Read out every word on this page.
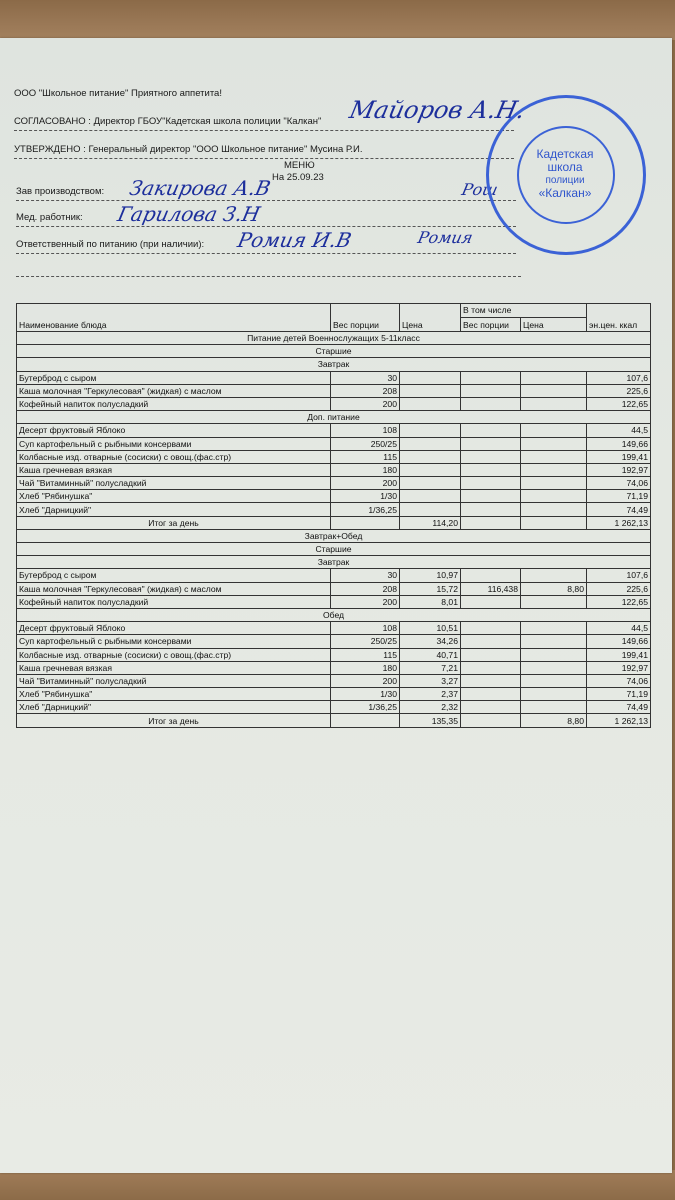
ООО "Школьное питание" Приятного аппетита!
СОГЛАСОВАНО : Директор ГБОУ"Кадетская школа полиции "Калкан"
УТВЕРЖДЕНО : Генеральный директор "ООО Школьное питание" Мусина Р.И.
МЕНЮ
На 25.09.23
Зав производством:
Мед. работник:
Ответственный по питанию (при наличии):
Майоров А.Н.
Закирова А.В
Гарилова З.Н
Ромия И.В
Рош
Ромия
Кадетская школа
полиции
«Калкан»
Наименование блюда	Вес порции	Цена	В том числе		эн.цен. ккал
			Вес порции	Цена	
Питание детей Военнослужащих 5-11класс					
Старшие					
Завтрак					
Бутерброд с сыром	30				107,6
Каша молочная "Геркулесовая" (жидкая) с маслом	208				225,6
Кофейный напиток полусладкий	200				122,65
Доп. питание					
Десерт фруктовый Яблоко	108				44,5
Суп картофельный с рыбными консервами	250/25				149,66
Колбасные изд. отварные (сосиски) с овощ.(фас.стр)	115				199,41
Каша гречневая вязкая	180				192,97
Чай "Витаминный" полусладкий	200				74,06
Хлеб "Рябинушка"	1/30				71,19
Хлеб "Дарницкий"	1/36,25				74,49
Итог за день		114,20			1 262,13
Завтрак+Обед					
Старшие					
Завтрак					
Бутерброд с сыром	30	10,97			107,6
Каша молочная "Геркулесовая" (жидкая) с маслом	208	15,72	116,438	8,80	225,6
Кофейный напиток полусладкий	200	8,01			122,65
Обед					
Десерт фруктовый Яблоко	108	10,51			44,5
Суп картофельный с рыбными консервами	250/25	34,26			149,66
Колбасные изд. отварные (сосиски) с овощ.(фас.стр)	115	40,71			199,41
Каша гречневая вязкая	180	7,21			192,97
Чай "Витаминный" полусладкий	200	3,27			74,06
Хлеб "Рябинушка"	1/30	2,37			71,19
Хлеб "Дарницкий"	1/36,25	2,32			74,49
Итог за день		135,35		8,80	1 262,13
